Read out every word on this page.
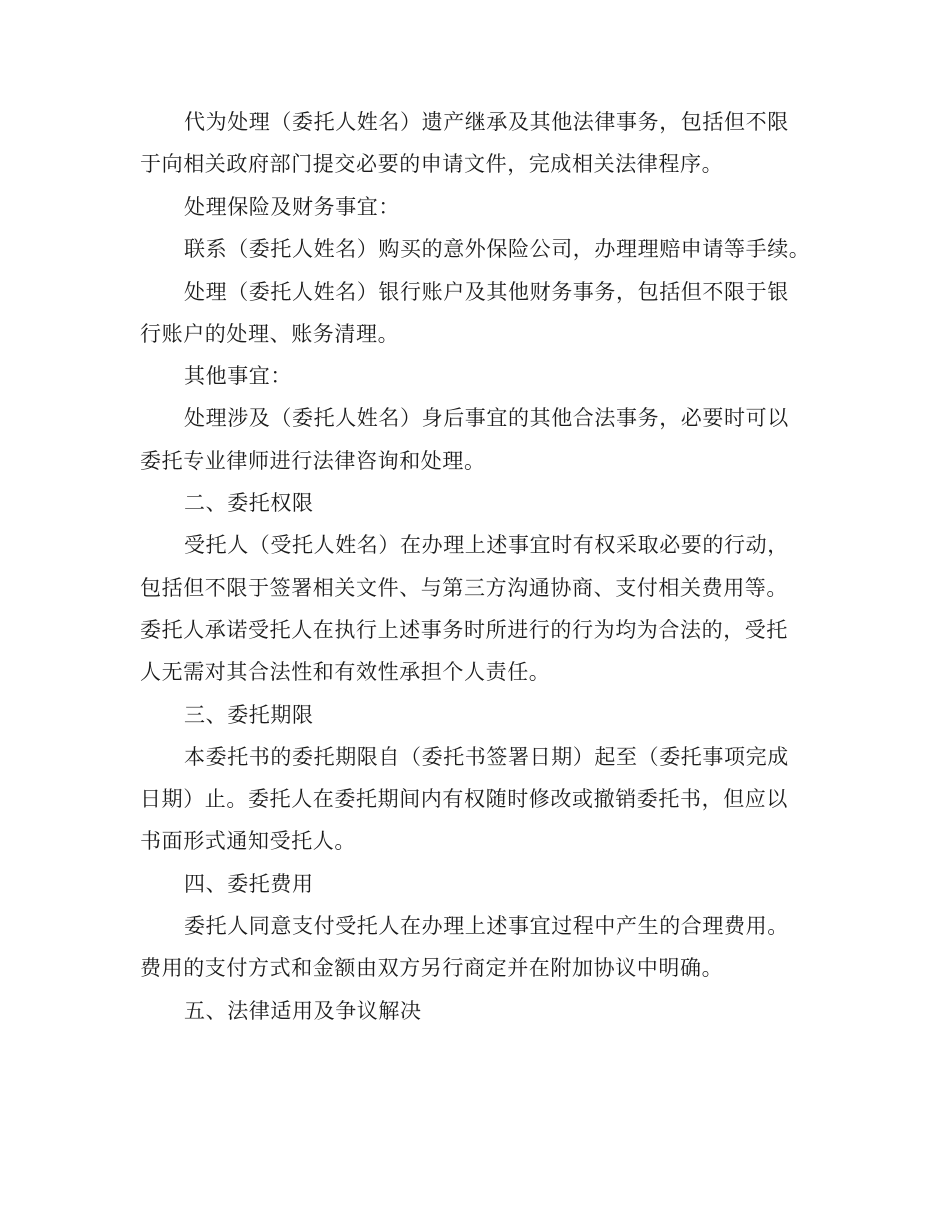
代为处理（委托人姓名）遗产继承及其他法律事务，包括但不限

于向相关政府部门提交必要的申请文件，完成相关法律程序。

处理保险及财务事宜：

联系（委托人姓名）购买的意外保险公司，办理理赔申请等手续。

处理（委托人姓名）银行账户及其他财务事务，包括但不限于银

行账户的处理、账务清理。

其他事宜：

处理涉及（委托人姓名）身后事宜的其他合法事务，必要时可以

委托专业律师进行法律咨询和处理。

二、委托权限

受托人（受托人姓名）在办理上述事宜时有权采取必要的行动，

包括但不限于签署相关文件、与第三方沟通协商、支付相关费用等。

委托人承诺受托人在执行上述事务时所进行的行为均为合法的，受托

人无需对其合法性和有效性承担个人责任。

三、委托期限

本委托书的委托期限自（委托书签署日期）起至（委托事项完成

日期）止。委托人在委托期间内有权随时修改或撤销委托书，但应以

书面形式通知受托人。

四、委托费用

委托人同意支付受托人在办理上述事宜过程中产生的合理费用。

费用的支付方式和金额由双方另行商定并在附加协议中明确。

五、法律适用及争议解决
